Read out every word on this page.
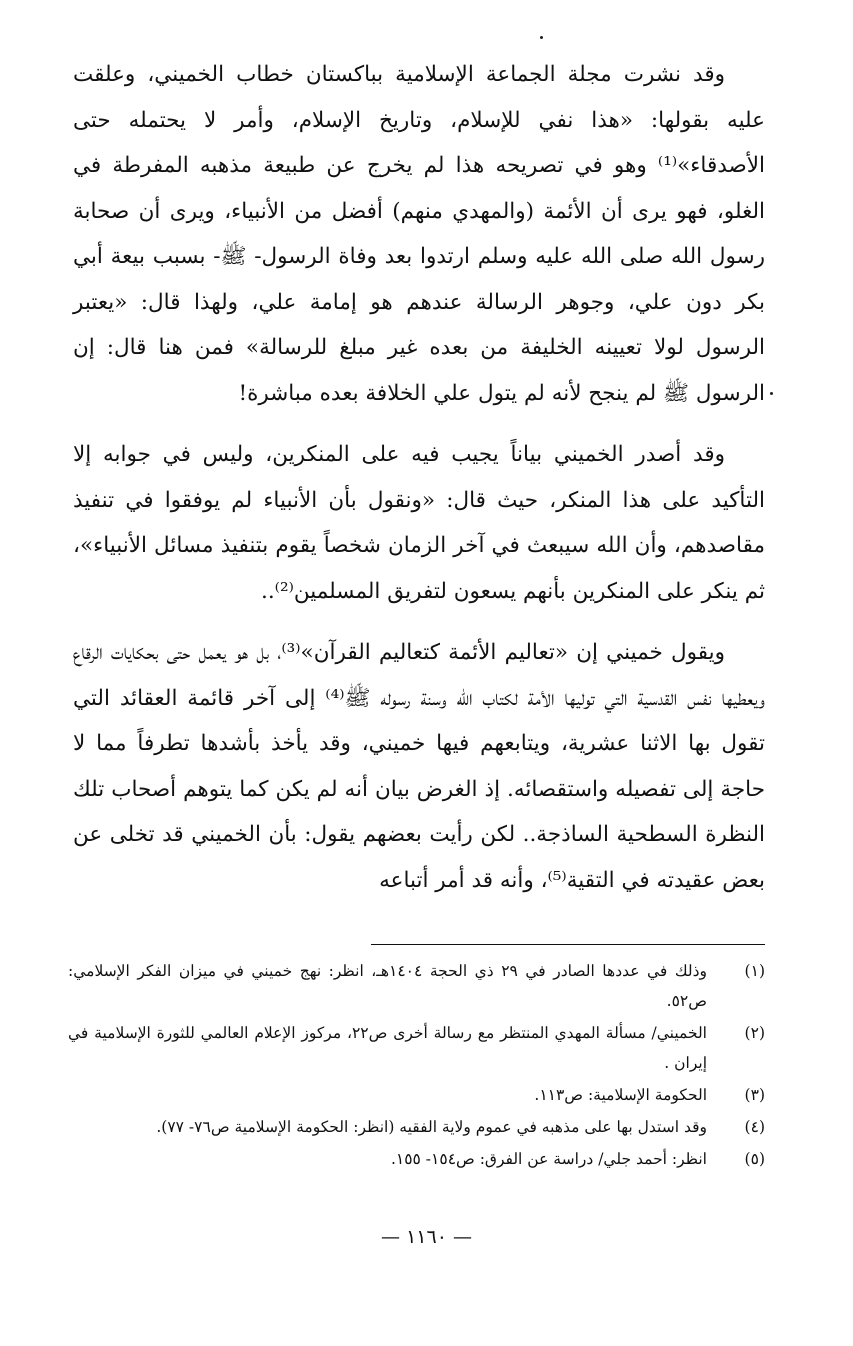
وقد نشرت مجلة الجماعة الإسلامية بباكستان خطاب الخميني، وعلقت عليه بقولها: «هذا نفي للإسلام، وتاريخ الإسلام، وأمر لا يحتمله حتى الأصدقاء»⁽¹⁾ وهو في تصريحه هذا لم يخرج عن طبيعة مذهبه المفرطة في الغلو، فهو يرى أن الأئمة (والمهدي منهم) أفضل من الأنبياء، ويرى أن صحابة رسول الله صلى الله عليه وسلم ارتدوا بعد وفاة الرسول- ﷺ- بسبب بيعة أبي بكر دون علي، وجوهر الرسالة عندهم هو إمامة علي، ولهذا قال: «يعتبر الرسول لولا تعيينه الخليفة من بعده غير مبلغ للرسالة» فمن هنا قال: إن الرسول ﷺ لم ينجح لأنه لم يتول علي الخلافة بعده مباشرة!

وقد أصدر الخميني بياناً يجيب فيه على المنكرين، وليس في جوابه إلا التأكيد على هذا المنكر، حيث قال: «ونقول بأن الأنبياء لم يوفقوا في تنفيذ مقاصدهم، وأن الله سيبعث في آخر الزمان شخصاً يقوم بتنفيذ مسائل الأنبياء»، ثم ينكر على المنكرين بأنهم يسعون لتفريق المسلمين⁽²⁾..

ويقول خميني إن «تعاليم الأئمة كتعاليم القرآن»⁽³⁾، بل هو يعمل حتى بحكايات الرقاع ويعطيها نفس القدسية التي توليها الأمة لكتاب الله وسنة رسوله ﷺ⁽⁴⁾ إلى آخر قائمة العقائد التي تقول بها الاثنا عشرية، ويتابعهم فيها خميني، وقد يأخذ بأشدها تطرفاً مما لا حاجة إلى تفصيله واستقصائه. إذ الغرض بيان أنه لم يكن كما يتوهم أصحاب تلك النظرة السطحية الساذجة.. لكن رأيت بعضهم يقول: بأن الخميني قد تخلى عن بعض عقيدته في التقية⁽⁵⁾، وأنه قد أمر أتباعه

(١)
وذلك في عددها الصادر في ٢٩ ذي الحجة ١٤٠٤هـ، انظر: نهج خميني في ميزان الفكر الإسلامي: ص٥٢.
(٢)
الخميني/ مسألة المهدي المنتظر مع رسالة أخرى ص٢٢، مركوز الإعلام العالمي للثورة الإسلامية في إيران .
(٣)
الحكومة الإسلامية: ص١١٣.
(٤)
وقد استدل بها على مذهبه في عموم ولاية الفقيه (انظر: الحكومة الإسلامية ص٧٦- ٧٧).
(٥)
انظر: أحمد جلي/ دراسة عن الفرق: ص١٥٤- ١٥٥.
— ١١٦٠ —
